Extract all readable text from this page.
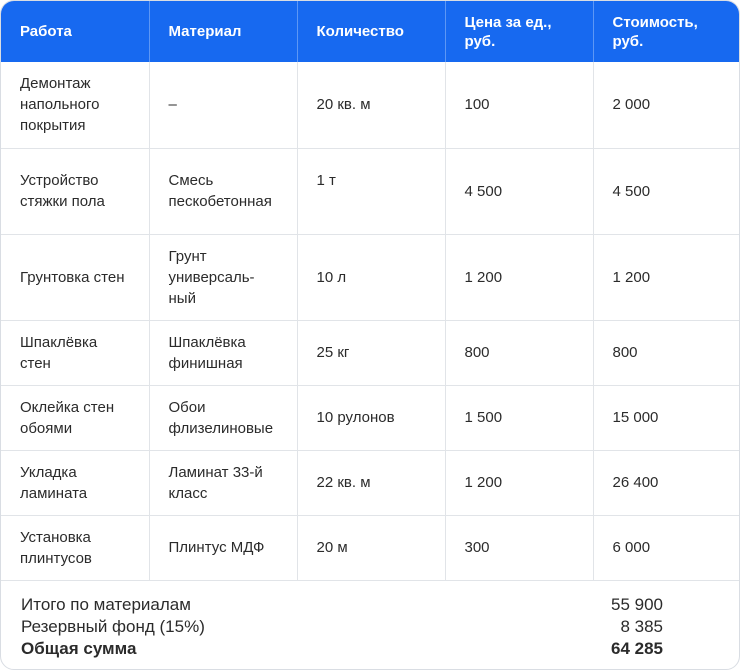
Работа	Материал	Количество	Цена за ед., руб.	Стоимость, руб.
Демонтаж напольного покрытия	–	20 кв. м	100	2 000
Устройство стяжки пола	Смесь пескобетонная	1 т	4 500	4 500
Грунтовка стен	Грунт универсаль-ный	10 л	1 200	1 200
Шпаклёвка стен	Шпаклёвка финишная	25 кг	800	800
Оклейка стен обоями	Обои флизелиновые	10 рулонов	1 500	15 000
Укладка ламината	Ламинат 33-й класс	22 кв. м	1 200	26 400
Установка плинтусов	Плинтус МДФ	20 м	300	6 000
Итого по материалам	55 900
Резервный фонд (15%)	8 385
Общая сумма	64 285
